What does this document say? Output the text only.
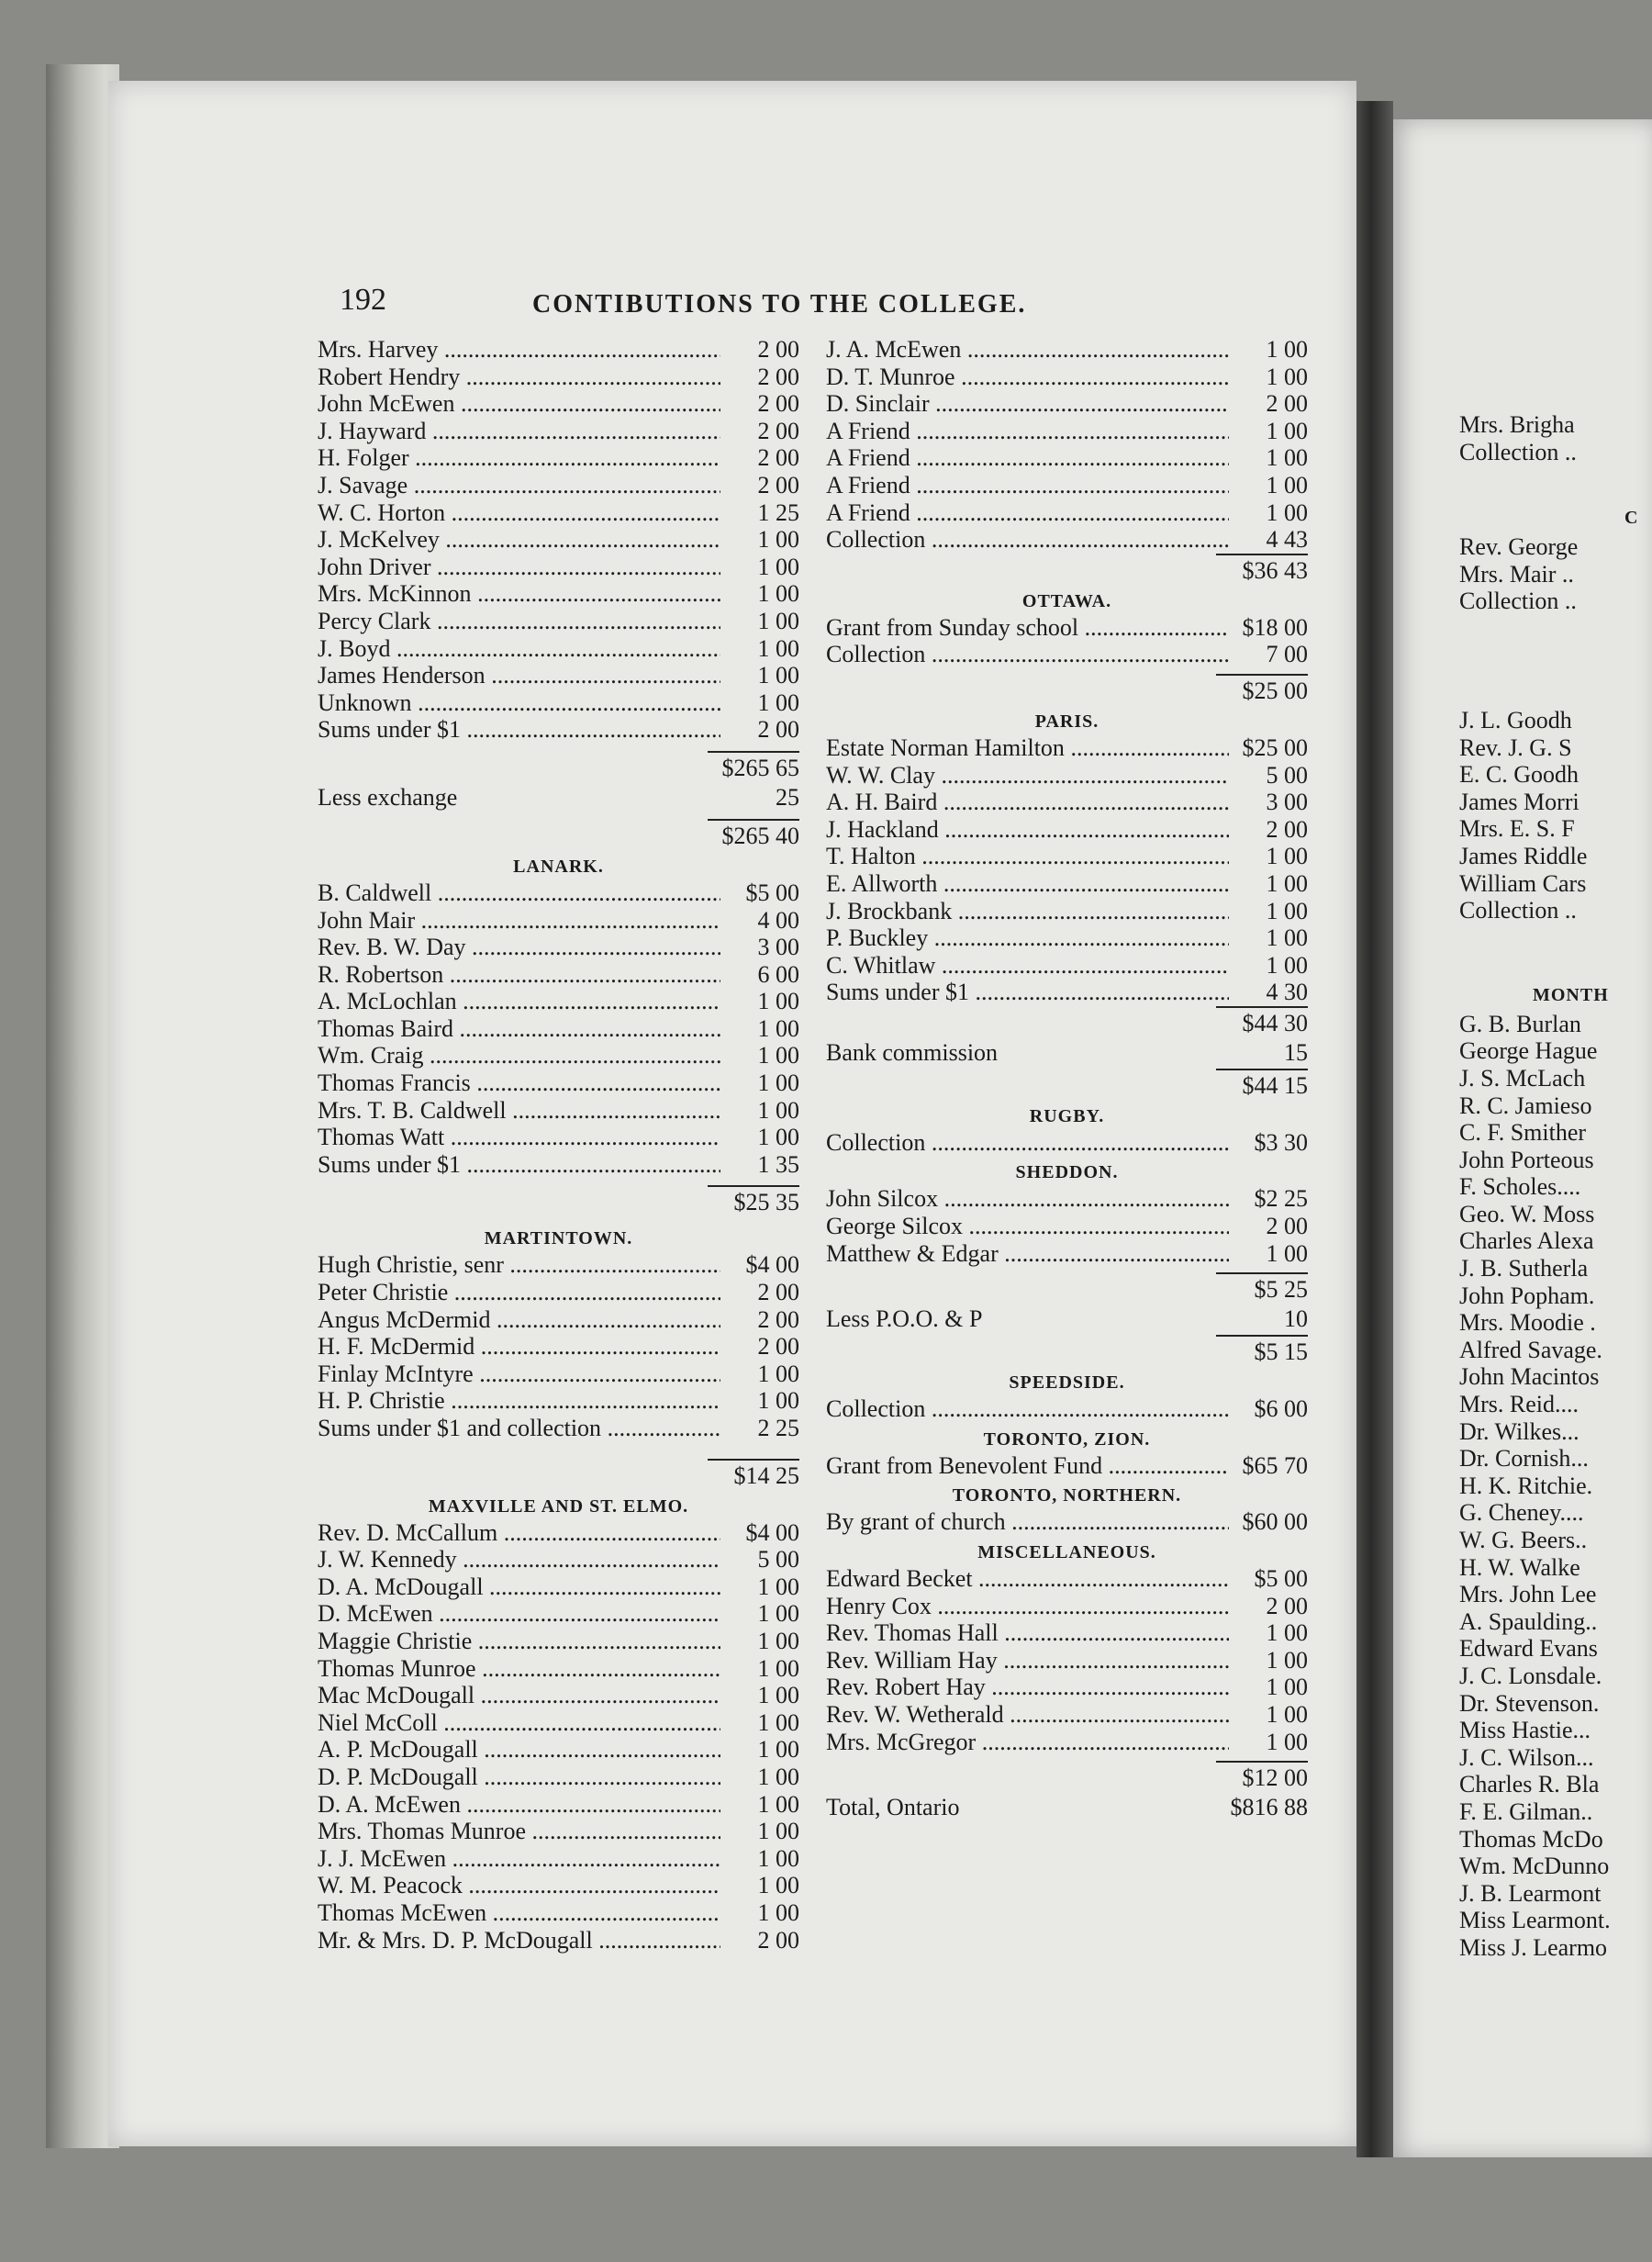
192	CONTIBUTIONS TO THE COLLEGE.
Mrs. Harvey .....	2 00
Robert Hendry .....	2 00
John McEwen .....	2 00
J. Hayward .....	2 00
H. Folger .....	2 00
J. Savage .....	2 00
W. C. Horton .....	1 25
J. McKelvey .....	1 00
John Driver .....	1 00
Mrs. McKinnon .....	1 00
Percy Clark .....	1 00
J. Boyd .....	1 00
James Henderson .....	1 00
Unknown .....	1 00
Sums under $1 .....	2 00
$265 65
Less exchange	25
$265 40
LANARK.
B. Caldwell .....	$5 00
John Mair .....	4 00
Rev. B. W. Day .....	3 00
R. Robertson .....	6 00
A. McLochlan .....	1 00
Thomas Baird .....	1 00
Wm. Craig .....	1 00
Thomas Francis .....	1 00
Mrs. T. B. Caldwell .....	1 00
Thomas Watt .....	1 00
Sums under $1 .....	1 35
$25 35
MARTINTOWN.
Hugh Christie, senr .....	$4 00
Peter Christie .....	2 00
Angus McDermid .....	2 00
H. F. McDermid .....	2 00
Finlay McIntyre .....	1 00
H. P. Christie .....	1 00
Sums under $1 and collection .....	2 25
$14 25
MAXVILLE AND ST. ELMO.
Rev. D. McCallum .....	$4 00
J. W. Kennedy .....	5 00
D. A. McDougall .....	1 00
D. McEwen .....	1 00
Maggie Christie .....	1 00
Thomas Munroe .....	1 00
Mac McDougall .....	1 00
Niel McColl .....	1 00
A. P. McDougall .....	1 00
D. P. McDougall .....	1 00
D. A. McEwen .....	1 00
Mrs. Thomas Munroe .....	1 00
J. J. McEwen .....	1 00
W. M. Peacock .....	1 00
Thomas McEwen .....	1 00
Mr. & Mrs. D. P. McDougall .....	2 00
J. A. McEwen .....	1 00
D. T. Munroe .....	1 00
D. Sinclair .....	2 00
A Friend .....	1 00
A Friend .....	1 00
A Friend .....	1 00
A Friend .....	1 00
Collection .....	4 43
$36 43
OTTAWA.
Grant from Sunday school .....	$18 00
Collection .....	7 00
$25 00
PARIS.
Estate Norman Hamilton .....	$25 00
W. W. Clay .....	5 00
A. H. Baird .....	3 00
J. Hackland .....	2 00
T. Halton .....	1 00
E. Allworth .....	1 00
J. Brockbank .....	1 00
P. Buckley .....	1 00
C. Whitlaw .....	1 00
Sums under $1 .....	4 30
$44 30
Bank commission	15
$44 15
RUGBY.
Collection .....	$3 30
SHEDDON.
John Silcox .....	$2 25
George Silcox .....	2 00
Matthew & Edgar .....	1 00
$5 25
Less P.O.O. & P	10
$5 15
SPEEDSIDE.
Collection .....	$6 00
TORONTO, ZION.
Grant from Benevolent Fund .....	$65 70
TORONTO, NORTHERN.
By grant of church .....	$60 00
MISCELLANEOUS.
Edward Becket .....	$5 00
Henry Cox .....	2 00
Rev. Thomas Hall .....	1 00
Rev. William Hay .....	1 00
Rev. Robert Hay .....	1 00
Rev. W. Wetherald .....	1 00
Mrs. McGregor .....	1 00
$12 00
Total, Ontario	$816 88
Mrs. Brigha
Collection ..
C
Rev. George
Mrs. Mair ..
Collection ..
J. L. Goodh
Rev. J. G. S
E. C. Goodh
James Morri
Mrs. E. S. F
James Riddle
William Cars
Collection ..
MONTH
G. B. Burlan
George Hague
J. S. McLach
R. C. Jamieso
C. F. Smither
John Porteous
F. Scholes....
Geo. W. Moss
Charles Alexa
J. B. Sutherla
John Popham.
Mrs. Moodie .
Alfred Savage.
John Macintos
Mrs. Reid....
Dr. Wilkes...
Dr. Cornish...
H. K. Ritchie.
G. Cheney....
W. G. Beers..
H. W. Walke
Mrs. John Lee
A. Spaulding..
Edward Evans
J. C. Lonsdale.
Dr. Stevenson.
Miss Hastie...
J. C. Wilson...
Charles R. Bla
F. E. Gilman..
Thomas McDo
Wm. McDunno
J. B. Learmont
Miss Learmont.
Miss J. Learmo
